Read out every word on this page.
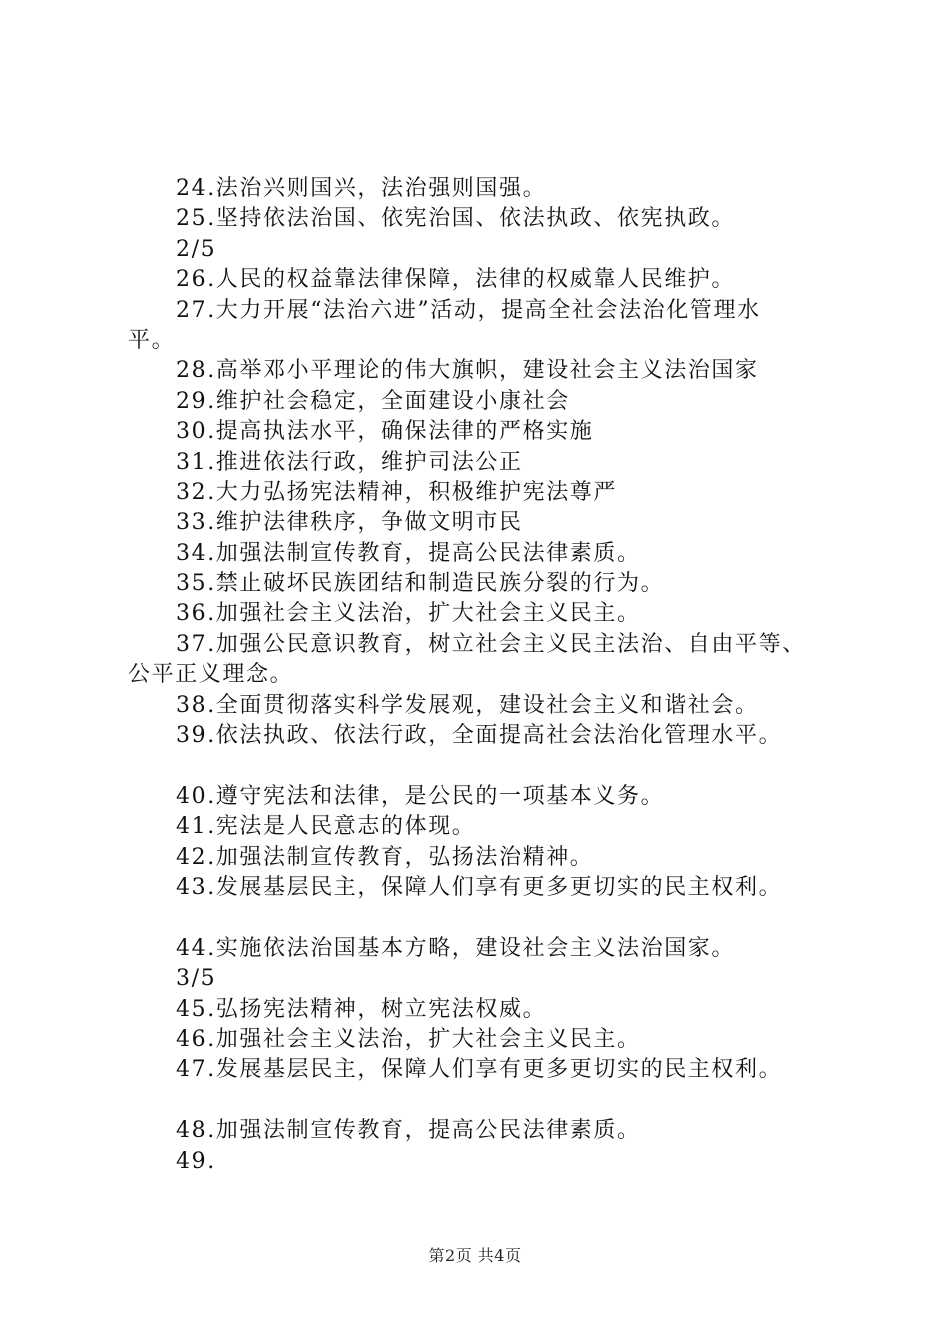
24.法治兴则国兴，法治强则国强。
25.坚持依法治国、依宪治国、依法执政、依宪执政。
2/5
26.人民的权益靠法律保障，法律的权威靠人民维护。
27.大力开展“法治六进”活动，提高全社会法治化管理水
平。
28.高举邓小平理论的伟大旗帜，建设社会主义法治国家
29.维护社会稳定，全面建设小康社会
30.提高执法水平，确保法律的严格实施
31.推进依法行政，维护司法公正
32.大力弘扬宪法精神，积极维护宪法尊严
33.维护法律秩序，争做文明市民
34.加强法制宣传教育，提高公民法律素质。
35.禁止破坏民族团结和制造民族分裂的行为。
36.加强社会主义法治，扩大社会主义民主。
37.加强公民意识教育，树立社会主义民主法治、自由平等、
公平正义理念。
38.全面贯彻落实科学发展观，建设社会主义和谐社会。
39.依法执政、依法行政，全面提高社会法治化管理水平。
40.遵守宪法和法律，是公民的一项基本义务。
41.宪法是人民意志的体现。
42.加强法制宣传教育，弘扬法治精神。
43.发展基层民主，保障人们享有更多更切实的民主权利。
44.实施依法治国基本方略，建设社会主义法治国家。
3/5
45.弘扬宪法精神，树立宪法权威。
46.加强社会主义法治，扩大社会主义民主。
47.发展基层民主，保障人们享有更多更切实的民主权利。
48.加强法制宣传教育，提高公民法律素质。
49.
第2页 共4页
